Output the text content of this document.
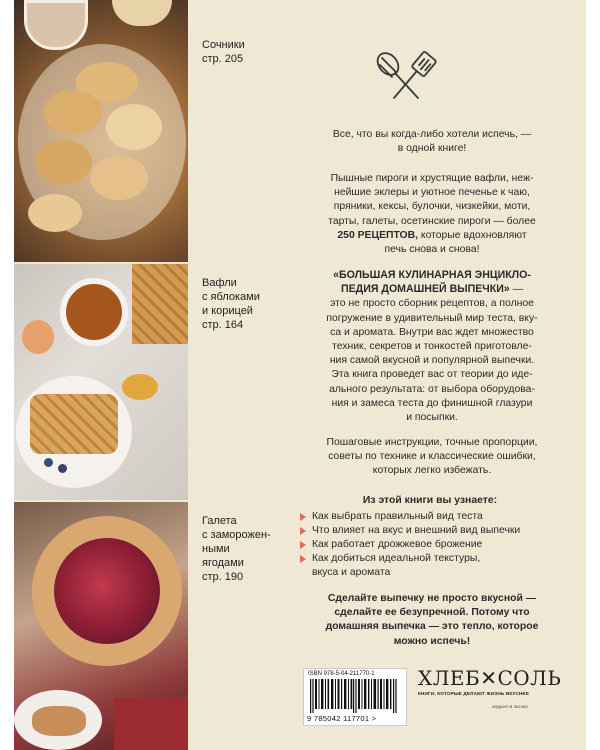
Сочники
стр. 205
Вафли
с яблоками
и корицей
стр. 164
Галета
с заморожен-
ными
ягодами
стр. 190

Все, что вы когда-либо хотели испечь, —

в одной книге!

Пышные пироги и хрустящие вафли, неж-

нейшие эклеры и уютное печенье к чаю,

пряники, кексы, булочки, чизкейки, моти,

тарты, галеты, осетинские пироги — более

250 РЕЦЕПТОВ, которые вдохновляют

печь снова и снова!

«БОЛЬШАЯ КУЛИНАРНАЯ ЭНЦИКЛО-

ПЕДИЯ ДОМАШНЕЙ ВЫПЕЧКИ» —

это не просто сборник рецептов, а полное

погружение в удивительный мир теста, вку-

са и аромата. Внутри вас ждет множество

техник, секретов и тонкостей приготовле-

ния самой вкусной и популярной выпечки.

Эта книга проведет вас от теории до иде-

ального результата: от выбора оборудова-

ния и замеса теста до финишной глазури

и посыпки.

Пошаговые инструкции, точные пропорции,

советы по технике и классические ошибки,

которых легко избежать.

Из этой книги вы узнаете:
Как выбрать правильный вид теста
Что влияет на вкус и внешний вид выпечки
Как работает дрожжевое брожение
Как добиться идеальной текстуры,
вкуса и аромата

Сделайте выпечку не просто вкусной —

сделайте ее безупречной. Потому что

домашняя выпечка — это тепло, которое

можно испечь!

ISBN 978-5-04-211770-1
9 785042 117701 >
ХЛЕБ✕СОЛЬ
КНИГИ, КОТОРЫЕ ДЕЛАЮТ ЖИЗНЬ ВКУСНЕЕ
ИЗДАНО В ЭКСМО
